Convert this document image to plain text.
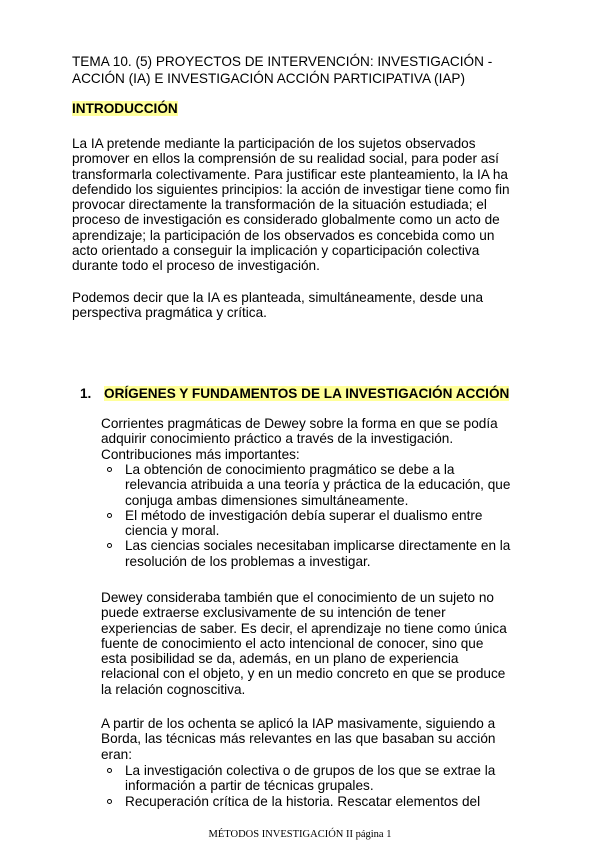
TEMA 10. (5) PROYECTOS DE INTERVENCIÓN: INVESTIGACIÓN -
ACCIÓN (IA) E INVESTIGACIÓN ACCIÓN PARTICIPATIVA (IAP)

INTRODUCCIÓN

La IA pretende mediante la participación de los sujetos observados
promover en ellos la comprensión de su realidad social, para poder así
transformarla colectivamente. Para justificar este planteamiento, la IA ha
defendido los siguientes principios: la acción de investigar tiene como fin
provocar directamente la transformación de la situación estudiada; el
proceso de investigación es considerado globalmente como un acto de
aprendizaje; la participación de los observados es concebida como un
acto orientado a conseguir la implicación y coparticipación colectiva
durante todo el proceso de investigación.

Podemos decir que la IA es planteada, simultáneamente, desde una
perspectiva pragmática y crítica.

1. ORÍGENES Y FUNDAMENTOS DE LA INVESTIGACIÓN ACCIÓN

Corrientes pragmáticas de Dewey sobre la forma en que se podía
adquirir conocimiento práctico a través de la investigación.
Contribuciones más importantes:

La obtención de conocimiento pragmático se debe a la
relevancia atribuida a una teoría y práctica de la educación, que
conjuga ambas dimensiones simultáneamente.
El método de investigación debía superar el dualismo entre
ciencia y moral.
Las ciencias sociales necesitaban implicarse directamente en la
resolución de los problemas a investigar.

Dewey consideraba también que el conocimiento de un sujeto no
puede extraerse exclusivamente de su intención de tener
experiencias de saber. Es decir, el aprendizaje no tiene como única
fuente de conocimiento el acto intencional de conocer, sino que
esta posibilidad se da, además, en un plano de experiencia
relacional con el objeto, y en un medio concreto en que se produce
la relación cognoscitiva.

A partir de los ochenta se aplicó la IAP masivamente, siguiendo a
Borda, las técnicas más relevantes en las que basaban su acción
eran:

La investigación colectiva o de grupos de los que se extrae la
información a partir de técnicas grupales.
Recuperación crítica de la historia. Rescatar elementos del

MÉTODOS INVESTIGACIÓN II página 1
